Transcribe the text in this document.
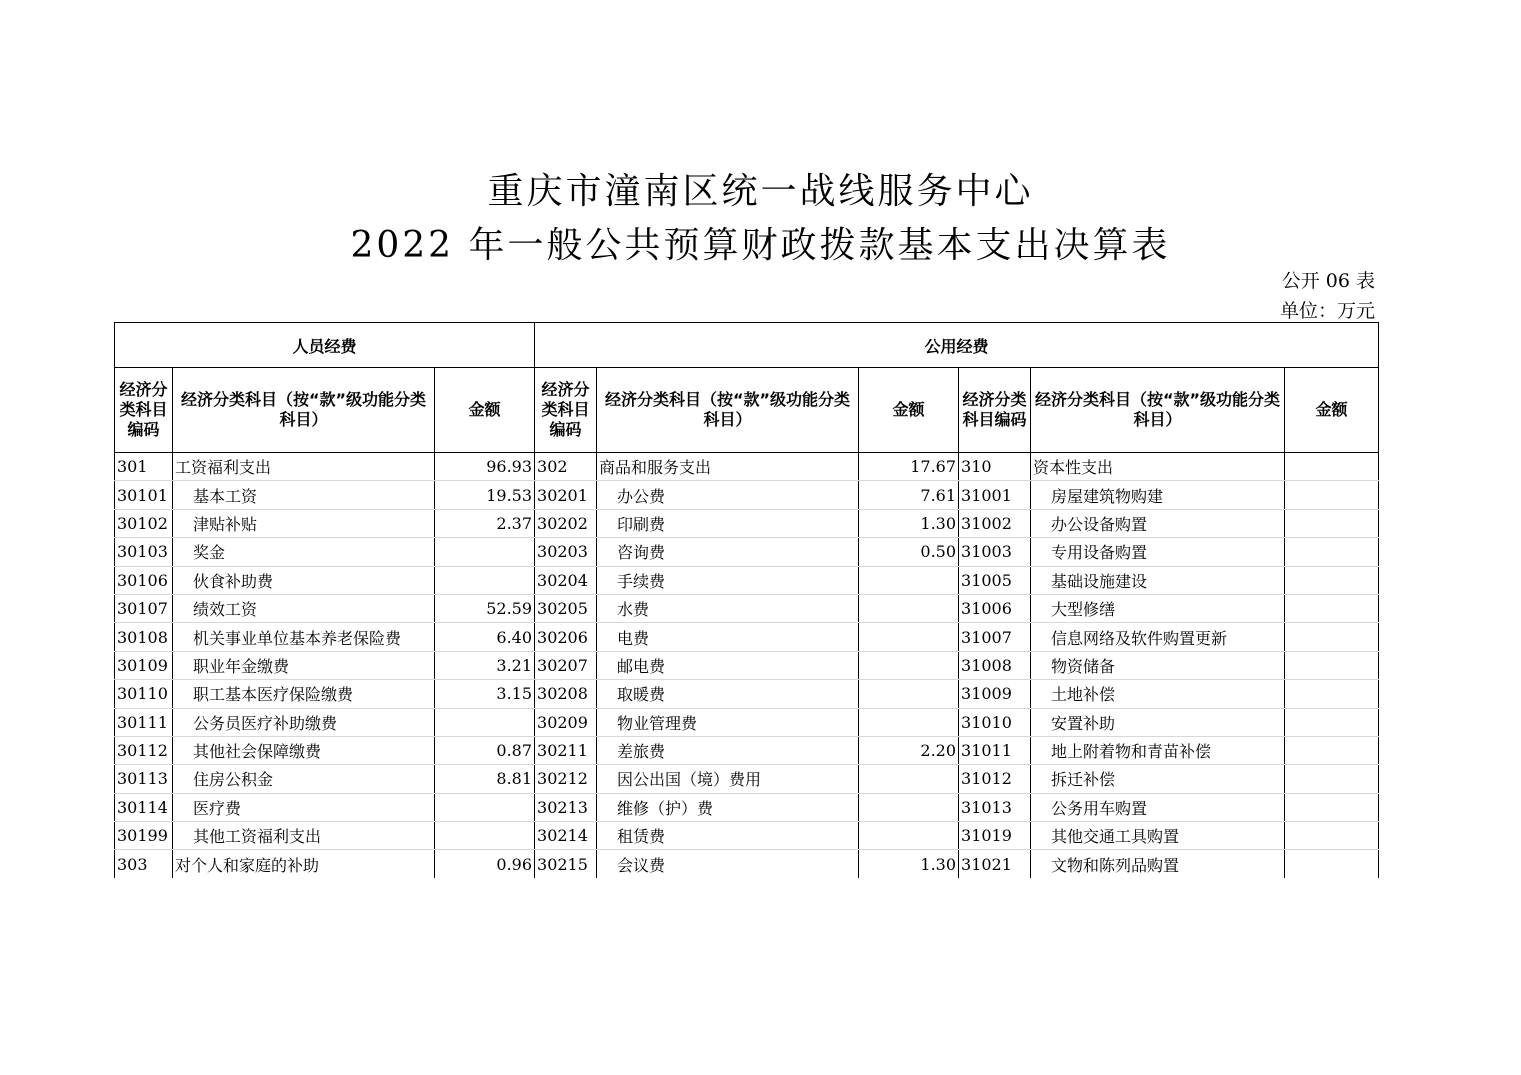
重庆市潼南区统一战线服务中心
2022 年一般公共预算财政拨款基本支出决算表
公开 06 表
单位：万元
人员经费			公用经费					
经济分类科目编码	经济分类科目（按“款”级功能分类科目）	金额	经济分类科目编码	经济分类科目（按“款”级功能分类科目）	金额	经济分类科目编码	经济分类科目（按“款”级功能分类科目）	金额
301	工资福利支出	96.93	302	商品和服务支出	17.67	310	资本性支出	
30101	基本工资	19.53	30201	办公费	7.61	31001	房屋建筑物购建	
30102	津贴补贴	2.37	30202	印刷费	1.30	31002	办公设备购置	
30103	奖金		30203	咨询费	0.50	31003	专用设备购置	
30106	伙食补助费		30204	手续费		31005	基础设施建设	
30107	绩效工资	52.59	30205	水费		31006	大型修缮	
30108	机关事业单位基本养老保险费	6.40	30206	电费		31007	信息网络及软件购置更新	
30109	职业年金缴费	3.21	30207	邮电费		31008	物资储备	
30110	职工基本医疗保险缴费	3.15	30208	取暖费		31009	土地补偿	
30111	公务员医疗补助缴费		30209	物业管理费		31010	安置补助	
30112	其他社会保障缴费	0.87	30211	差旅费	2.20	31011	地上附着物和青苗补偿	
30113	住房公积金	8.81	30212	因公出国（境）费用		31012	拆迁补偿	
30114	医疗费		30213	维修（护）费		31013	公务用车购置	
30199	其他工资福利支出		30214	租赁费		31019	其他交通工具购置	
303	对个人和家庭的补助	0.96	30215	会议费	1.30	31021	文物和陈列品购置	
